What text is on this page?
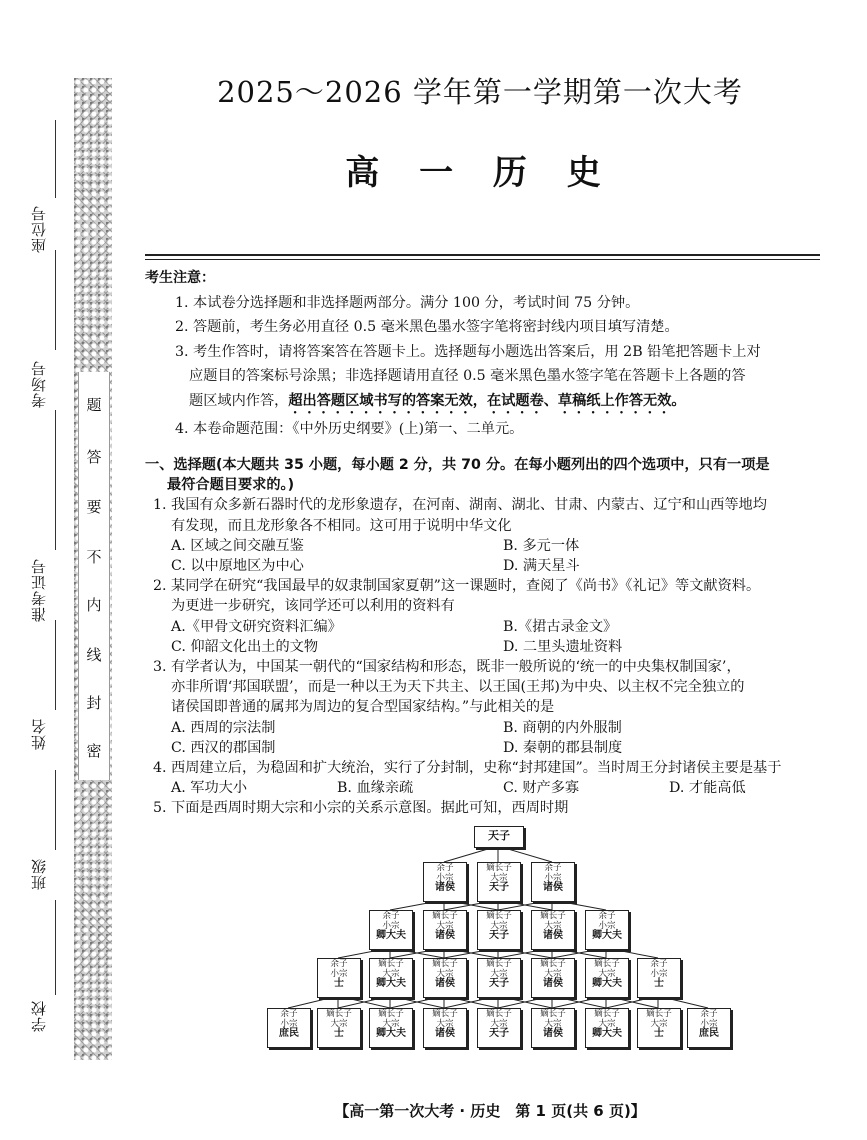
题
答
要
不
内
线
封
密
座位号
考场号
准考证号
姓名
班级
学校
2025～2026 学年第一学期第一次大考
高 一 历 史

考生注意：

1. 本试卷分选择题和非选择题两部分。满分 100 分，考试时间 75 分钟。

2. 答题前，考生务必用直径 0.5 毫米黑色墨水签字笔将密封线内项目填写清楚。

3. 考生作答时，请将答案答在答题卡上。选择题每小题选出答案后，用 2B 铅笔把答题卡上对

应题目的答案标号涂黑；非选择题请用直径 0.5 毫米黑色墨水签字笔在答题卡上各题的答

题区域内作答，超出答题区域书写的答案无效，在试题卷、草稿纸上作答无效。

4. 本卷命题范围：《中外历史纲要》(上)第一、二单元。

一、选择题(本大题共 35 小题，每小题 2 分，共 70 分。在每小题列出的四个选项中，只有一项是

最符合题目要求的。)

1. 我国有众多新石器时代的龙形象遗存，在河南、湖南、湖北、甘肃、内蒙古、辽宁和山西等地均

有发现，而且龙形象各不相同。这可用于说明中华文化

A. 区域之间交融互鉴	B. 多元一体
C. 以中原地区为中心	D. 满天星斗

2. 某同学在研究“我国最早的奴隶制国家夏朝”这一课题时，查阅了《尚书》《礼记》等文献资料。

为更进一步研究，该同学还可以利用的资料有

A.《甲骨文研究资料汇编》	B.《捃古录金文》
C. 仰韶文化出土的文物	D. 二里头遗址资料

3. 有学者认为，中国某一朝代的“国家结构和形态，既非一般所说的‘统一的中央集权制国家’，

亦非所谓‘邦国联盟’，而是一种以王为天下共主、以王国(王邦)为中央、以主权不完全独立的

诸侯国即普通的属邦为周边的复合型国家结构。”与此相关的是

A. 西周的宗法制	B. 商朝的内外服制
C. 西汉的郡国制	D. 秦朝的郡县制度

4. 西周建立后，为稳固和扩大统治，实行了分封制，史称“封邦建国”。当时周王分封诸侯主要是基于

A. 军功大小	B. 血缘亲疏	C. 财产多寡	D. 才能高低

5. 下面是西周时期大宗和小宗的关系示意图。据此可知，西周时期

天子
余子
小宗
诸侯
嫡长子
大宗
天子
余子
小宗
诸侯
余子
小宗
卿大夫
嫡长子
大宗
诸侯
嫡长子
大宗
天子
嫡长子
大宗
诸侯
余子
小宗
卿大夫
余子
小宗
士
嫡长子
大宗
卿大夫
嫡长子
大宗
诸侯
嫡长子
大宗
天子
嫡长子
大宗
诸侯
嫡长子
大宗
卿大夫
余子
小宗
士
余子
小宗
庶民
嫡长子
大宗
士
嫡长子
大宗
卿大夫
嫡长子
大宗
诸侯
嫡长子
大宗
天子
嫡长子
大宗
诸侯
嫡长子
大宗
卿大夫
嫡长子
大宗
士
余子
小宗
庶民
【高一第一次大考 · 历史　第 1 页(共 6 页)】
